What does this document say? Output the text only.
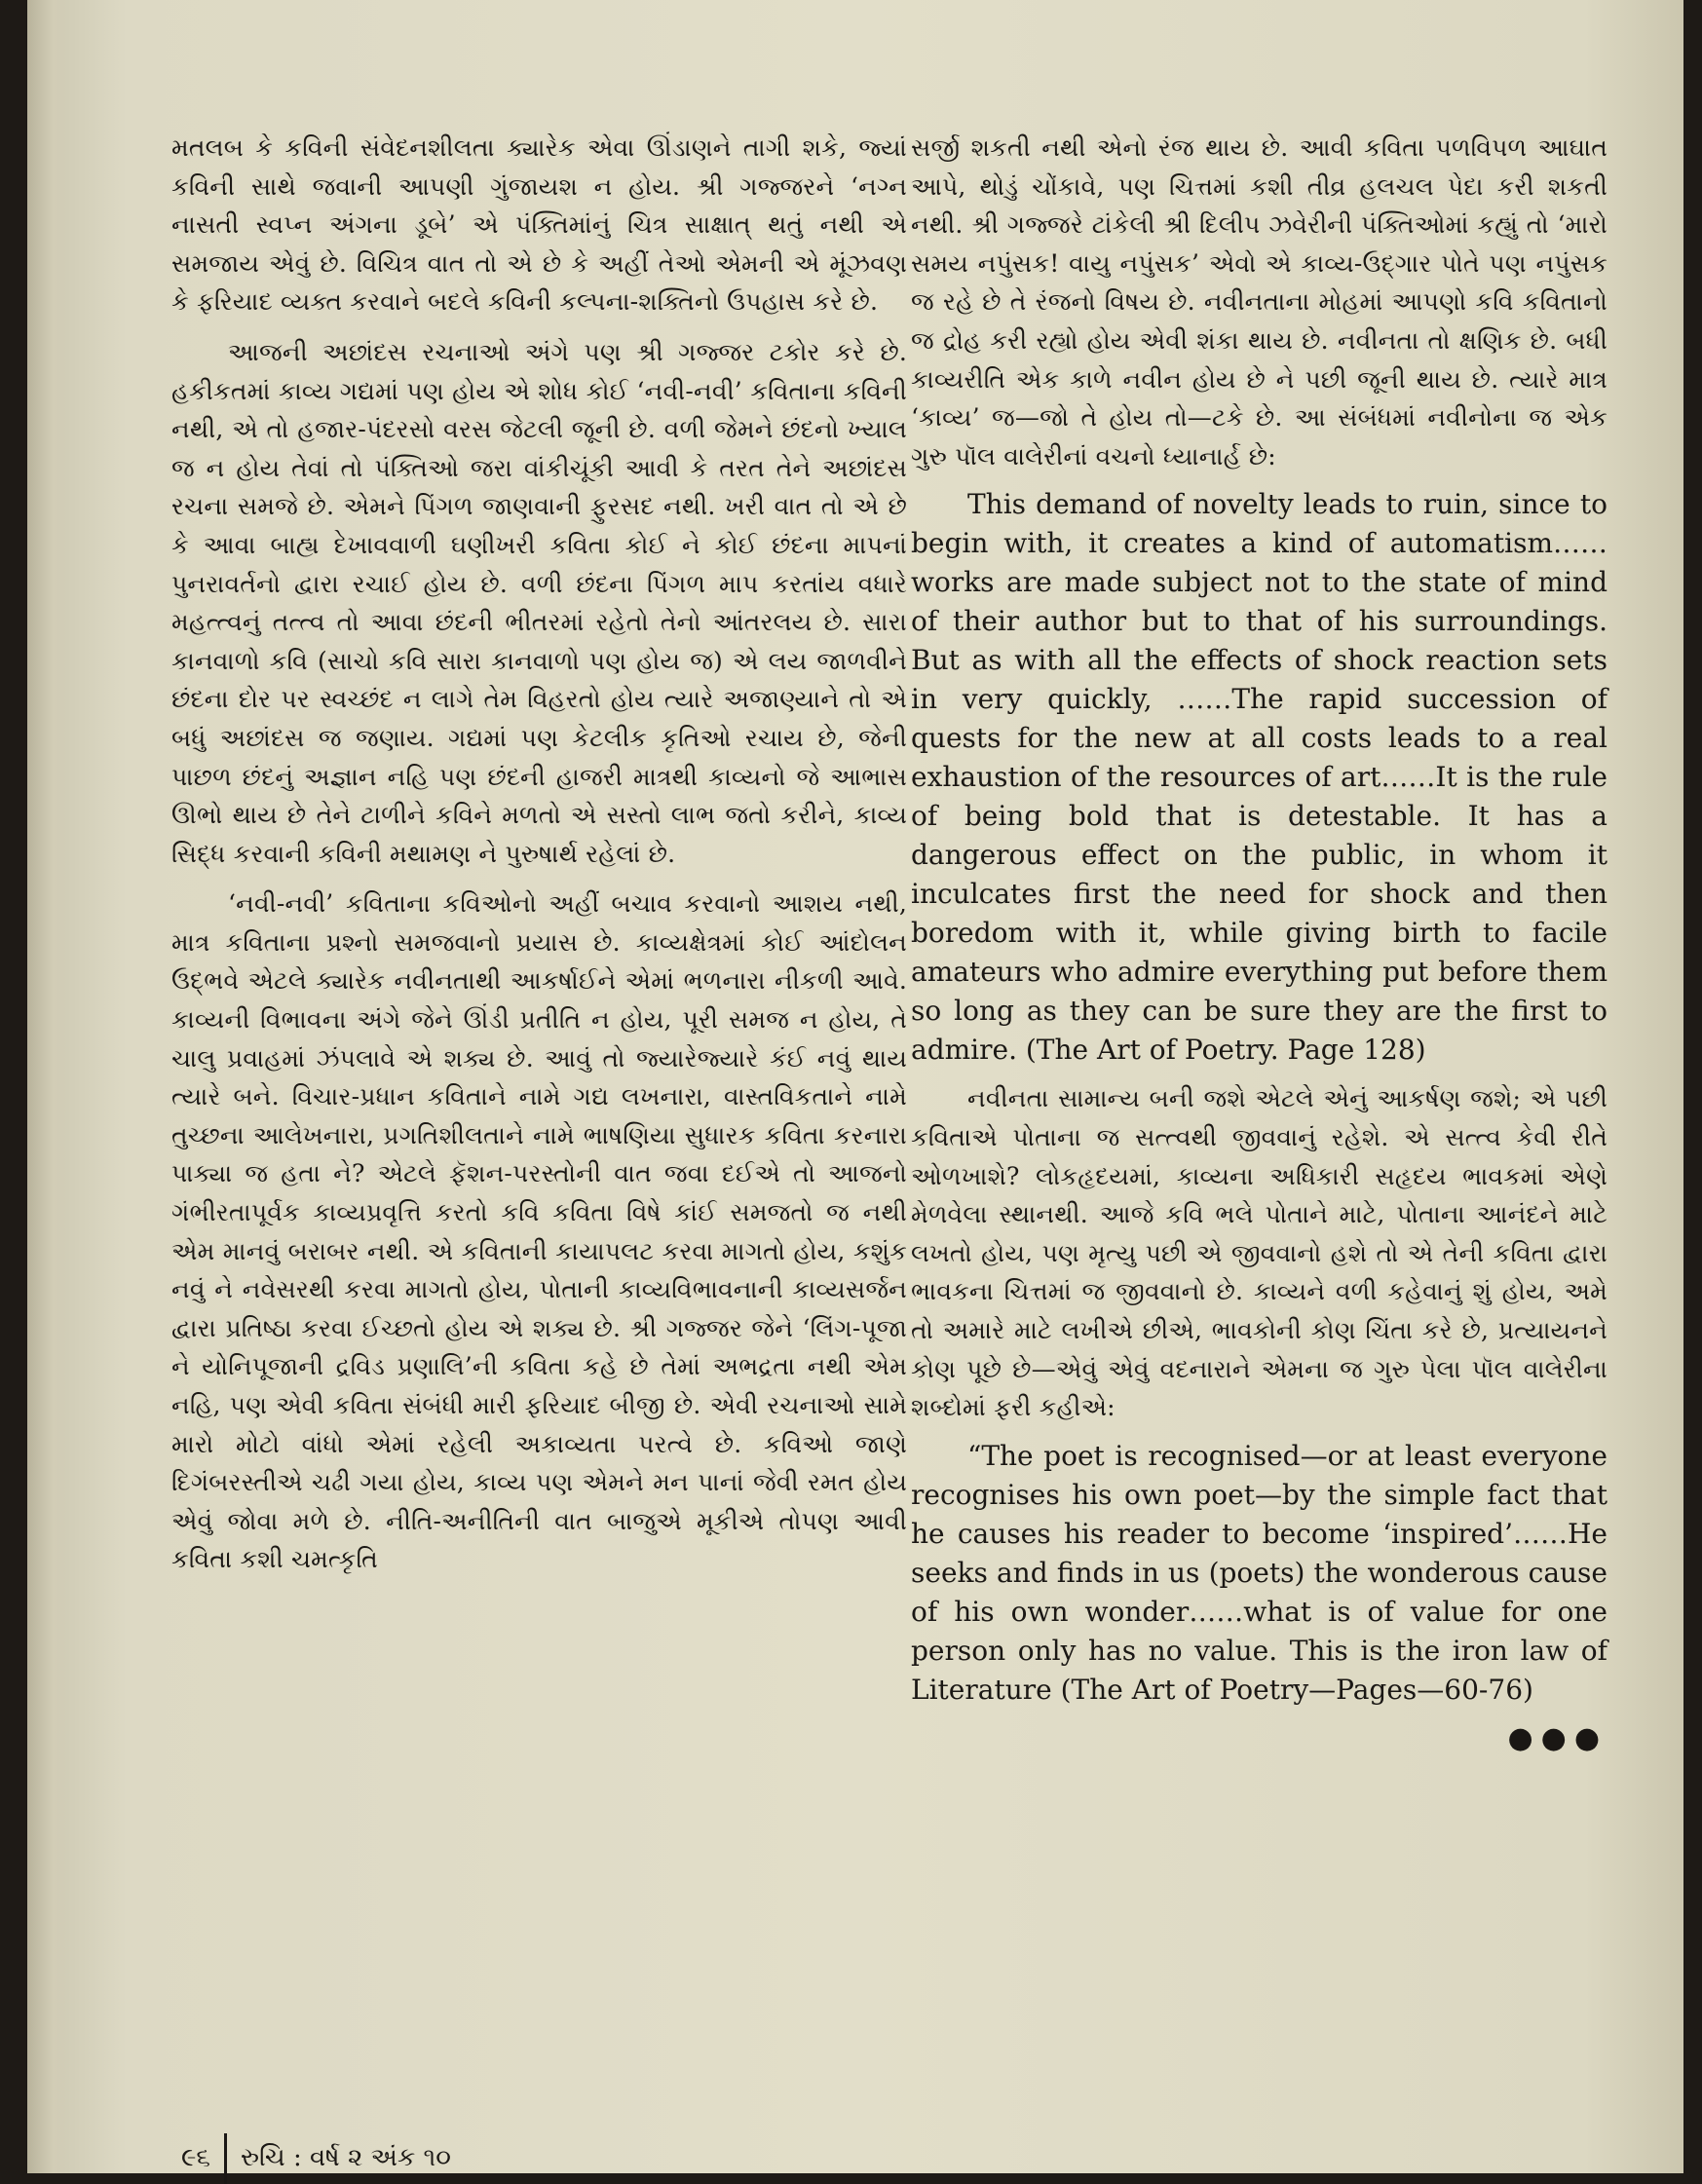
મતલબ કે કવિની સંવેદનશીલતા ક્યારેક એવા ઊંડાણને તાગી શકે, જ્યાં કવિની સાથે જવાની આપણી ગુંજાયશ ન હોય. શ્રી ગજ્જરને ‘નગ્ન નાસતી સ્વપ્ન અંગના ડૂબે’ એ પંક્તિમાંનું ચિત્ર સાક્ષાત્ થતું નથી એ સમજાય એવું છે. વિચિત્ર વાત તો એ છે કે અહીં તેઓ એમની એ મૂંઝવણ કે ફરિયાદ વ્યક્ત કરવાને બદલે કવિની કલ્પના-શક્તિનો ઉપહાસ કરે છે.

આજની અછાંદસ રચનાઓ અંગે પણ શ્રી ગજ્જર ટકોર કરે છે. હકીકતમાં કાવ્ય ગદ્યમાં પણ હોય એ શોધ કોઈ ‘નવી-નવી’ કવિતાના કવિની નથી, એ તો હજાર-પંદરસો વરસ જેટલી જૂની છે. વળી જેમને છંદનો ખ્યાલ જ ન હોય તેવાં તો પંક્તિઓ જરા વાંકીચૂંકી આવી કે તરત તેને અછાંદસ રચના સમજે છે. એમને પિંગળ જાણવાની ફુરસદ નથી. ખરી વાત તો એ છે કે આવા બાહ્ય દેખાવવાળી ઘણીખરી કવિતા કોઈ ને કોઈ છંદના માપનાં પુનરાવર્તનો દ્વારા રચાઈ હોય છે. વળી છંદના પિંગળ માપ કરતાંય વધારે મહત્ત્વનું તત્ત્વ તો આવા છંદની ભીતરમાં રહેતો તેનો આંતરલય છે. સારા કાનવાળો કવિ (સાચો કવિ સારા કાનવાળો પણ હોય જ) એ લય જાળવીને છંદના દોર પર સ્વચ્છંદ ન લાગે તેમ વિહરતો હોય ત્યારે અજાણ્યાને તો એ બધું અછાંદસ જ જણાય. ગદ્યમાં પણ કેટલીક કૃતિઓ રચાય છે, જેની પાછળ છંદનું અજ્ઞાન નહિ પણ છંદની હાજરી માત્રથી કાવ્યનો જે આભાસ ઊભો થાય છે તેને ટાળીને કવિને મળતો એ સસ્તો લાભ જતો કરીને, કાવ્ય સિદ્ધ કરવાની કવિની મથામણ ને પુરુષાર્થ રહેલાં છે.

‘નવી-નવી’ કવિતાના કવિઓનો અહીં બચાવ કરવાનો આશય નથી, માત્ર કવિતાના પ્રશ્નો સમજવાનો પ્રયાસ છે. કાવ્યક્ષેત્રમાં કોઈ આંદોલન ઉદ્ભવે એટલે ક્યારેક નવીનતાથી આકર્ષાઈને એમાં ભળનારા નીકળી આવે. કાવ્યની વિભાવના અંગે જેને ઊંડી પ્રતીતિ ન હોય, પૂરી સમજ ન હોય, તે ચાલુ પ્રવાહમાં ઝંપલાવે એ શક્ય છે. આવું તો જ્યારેજ્યારે કંઈ નવું થાય ત્યારે બને. વિચાર-પ્રધાન કવિતાને નામે ગદ્ય લખનારા, વાસ્તવિકતાને નામે તુચ્છના આલેખનારા, પ્રગતિશીલતાને નામે ભાષણિયા સુધારક કવિતા કરનારા પાક્યા જ હતા ને? એટલે ફૅશન-પરસ્તોની વાત જવા દઈએ તો આજનો ગંભીરતાપૂર્વક કાવ્યપ્રવૃત્તિ કરતો કવિ કવિતા વિષે કાંઈ સમજતો જ નથી એમ માનવું બરાબર નથી. એ કવિતાની કાયાપલટ કરવા માગતો હોય, કશુંક નવું ને નવેસરથી કરવા માગતો હોય, પોતાની કાવ્યવિભાવનાની કાવ્યસર્જન દ્વારા પ્રતિષ્ઠા કરવા ઈચ્છતો હોય એ શક્ય છે. શ્રી ગજ્જર જેને ‘લિંગ-પૂજા ને યોનિપૂજાની દ્રવિડ પ્રણાલિ’ની કવિતા કહે છે તેમાં અભદ્રતા નથી એમ નહિ, પણ એવી કવિતા સંબંધી મારી ફરિયાદ બીજી છે. એવી રચનાઓ સામે મારો મોટો વાંધો એમાં રહેલી અકાવ્યતા પરત્વે છે. કવિઓ જાણે દિગંબરસ્તીએ ચઢી ગયા હોય, કાવ્ય પણ એમને મન પાનાં જેવી રમત હોય એવું જોવા મળે છે. નીતિ-અનીતિની વાત બાજુએ મૂકીએ તોપણ આવી કવિતા કશી ચમત્કૃતિ

સર્જી શકતી નથી એનો રંજ થાય છે. આવી કવિતા પળવિપળ આઘાત આપે, થોડું ચોંકાવે, પણ ચિત્તમાં કશી તીવ્ર હલચલ પેદા કરી શકતી નથી. શ્રી ગજ્જરે ટાંકેલી શ્રી દિલીપ ઝવેરીની પંક્તિઓમાં કહ્યું તો ‘મારો સમય નપુંસક! વાયુ નપુંસક’ એવો એ કાવ્ય-ઉદ્ગાર પોતે પણ નપુંસક જ રહે છે તે રંજનો વિષય છે. નવીનતાના મોહમાં આપણો કવિ કવિતાનો જ દ્રોહ કરી રહ્યો હોય એવી શંકા થાય છે. નવીનતા તો ક્ષણિક છે. બધી કાવ્યરીતિ એક કાળે નવીન હોય છે ને પછી જૂની થાય છે. ત્યારે માત્ર ‘કાવ્ય’ જ—જો તે હોય તો—ટકે છે. આ સંબંધમાં નવીનોના જ એક ગુરુ પૉલ વાલેરીનાં વચનો ધ્યાનાર્હ છે:

This demand of novelty leads to ruin, since to begin with, it creates a kind of automatism……works are made subject not to the state of mind of their author but to that of his surroundings. But as with all the effects of shock reaction sets in very quickly, ……The rapid succession of quests for the new at all costs leads to a real exhaustion of the resources of art……It is the rule of being bold that is detestable. It has a dangerous effect on the public, in whom it inculcates first the need for shock and then boredom with it, while giving birth to facile amateurs who admire everything put before them so long as they can be sure they are the first to admire. (The Art of Poetry. Page 128)

નવીનતા સામાન્ય બની જશે એટલે એનું આકર્ષણ જશે; એ પછી કવિતાએ પોતાના જ સત્ત્વથી જીવવાનું રહેશે. એ સત્ત્વ કેવી રીતે ઓળખાશે? લોકહૃદયમાં, કાવ્યના અધિકારી સહૃદય ભાવકમાં એણે મેળવેલા સ્થાનથી. આજે કવિ ભલે પોતાને માટે, પોતાના આનંદને માટે લખતો હોય, પણ મૃત્યુ પછી એ જીવવાનો હશે તો એ તેની કવિતા દ્વારા ભાવકના ચિત્તમાં જ જીવવાનો છે. કાવ્યને વળી કહેવાનું શું હોય, અમે તો અમારે માટે લખીએ છીએ, ભાવકોની કોણ ચિંતા કરે છે, પ્રત્યાયનને કોણ પૂછે છે—એવું એવું વદનારાને એમના જ ગુરુ પેલા પૉલ વાલેરીના શબ્દોમાં ફરી કહીએ:

“The poet is recognised—or at least everyone recognises his own poet—by the simple fact that he causes his reader to become ‘inspired’……He seeks and finds in us (poets) the wonderous cause of his own wonder……what is of value for one person only has no value. This is the iron law of Literature (The Art of Poetry—Pages—60-76)

●●●

૯૬ રુચિ : વર્ષ ૨ અંક ૧૦
